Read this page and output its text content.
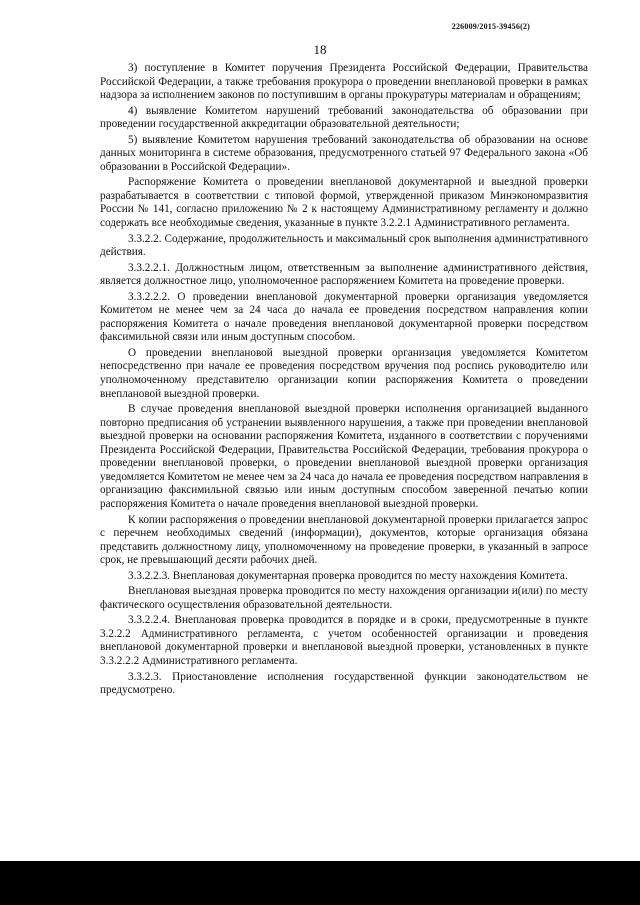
226009/2015-39456(2)
18

3) поступление в Комитет поручения Президента Российской Федерации, Правительства Российской Федерации, а также требования прокурора о проведении внеплановой проверки в рамках надзора за исполнением законов по поступившим в органы прокуратуры материалам и обращениям;

4) выявление Комитетом нарушений требований законодательства об образовании при проведении государственной аккредитации образовательной деятельности;

5) выявление Комитетом нарушения требований законодательства об образовании на основе данных мониторинга в системе образования, предусмотренного статьей 97 Федерального закона «Об образовании в Российской Федерации».

Распоряжение Комитета о проведении внеплановой документарной и выездной проверки разрабатывается в соответствии с типовой формой, утвержденной приказом Минэкономразвития России № 141, согласно приложению № 2 к настоящему Административному регламенту и должно содержать все необходимые сведения, указанные в пункте 3.2.2.1 Административного регламента.

3.3.2.2. Содержание, продолжительность и максимальный срок выполнения административного действия.

3.3.2.2.1. Должностным лицом, ответственным за выполнение административного действия, является должностное лицо, уполномоченное распоряжением Комитета на проведение проверки.

3.3.2.2.2. О проведении внеплановой документарной проверки организация уведомляется Комитетом не менее чем за 24 часа до начала ее проведения посредством направления копии распоряжения Комитета о начале проведения внеплановой документарной проверки посредством факсимильной связи или иным доступным способом.

О проведении внеплановой выездной проверки организация уведомляется Комитетом непосредственно при начале ее проведения посредством вручения под роспись руководителю или уполномоченному представителю организации копии распоряжения Комитета о проведении внеплановой выездной проверки.

В случае проведения внеплановой выездной проверки исполнения организацией выданного повторно предписания об устранении выявленного нарушения, а также при проведении внеплановой выездной проверки на основании распоряжения Комитета, изданного в соответствии с поручениями Президента Российской Федерации, Правительства Российской Федерации, требования прокурора о проведении внеплановой проверки, о проведении внеплановой выездной проверки организация уведомляется Комитетом не менее чем за 24 часа до начала ее проведения посредством направления в организацию факсимильной связью или иным доступным способом заверенной печатью копии распоряжения Комитета о начале проведения внеплановой выездной проверки.

К копии распоряжения о проведении внеплановой документарной проверки прилагается запрос с перечнем необходимых сведений (информации), документов, которые организация обязана представить должностному лицу, уполномоченному на проведение проверки, в указанный в запросе срок, не превышающий десяти рабочих дней.

3.3.2.2.3. Внеплановая документарная проверка проводится по месту нахождения Комитета.

Внеплановая выездная проверка проводится по месту нахождения организации и(или) по месту фактического осуществления образовательной деятельности.

3.3.2.2.4. Внеплановая проверка проводится в порядке и в сроки, предусмотренные в пункте 3.2.2.2 Административного регламента, с учетом особенностей организации и проведения внеплановой документарной проверки и внеплановой выездной проверки, установленных в пункте 3.3.2.2.2 Административного регламента.

3.3.2.3. Приостановление исполнения государственной функции законодательством не предусмотрено.
